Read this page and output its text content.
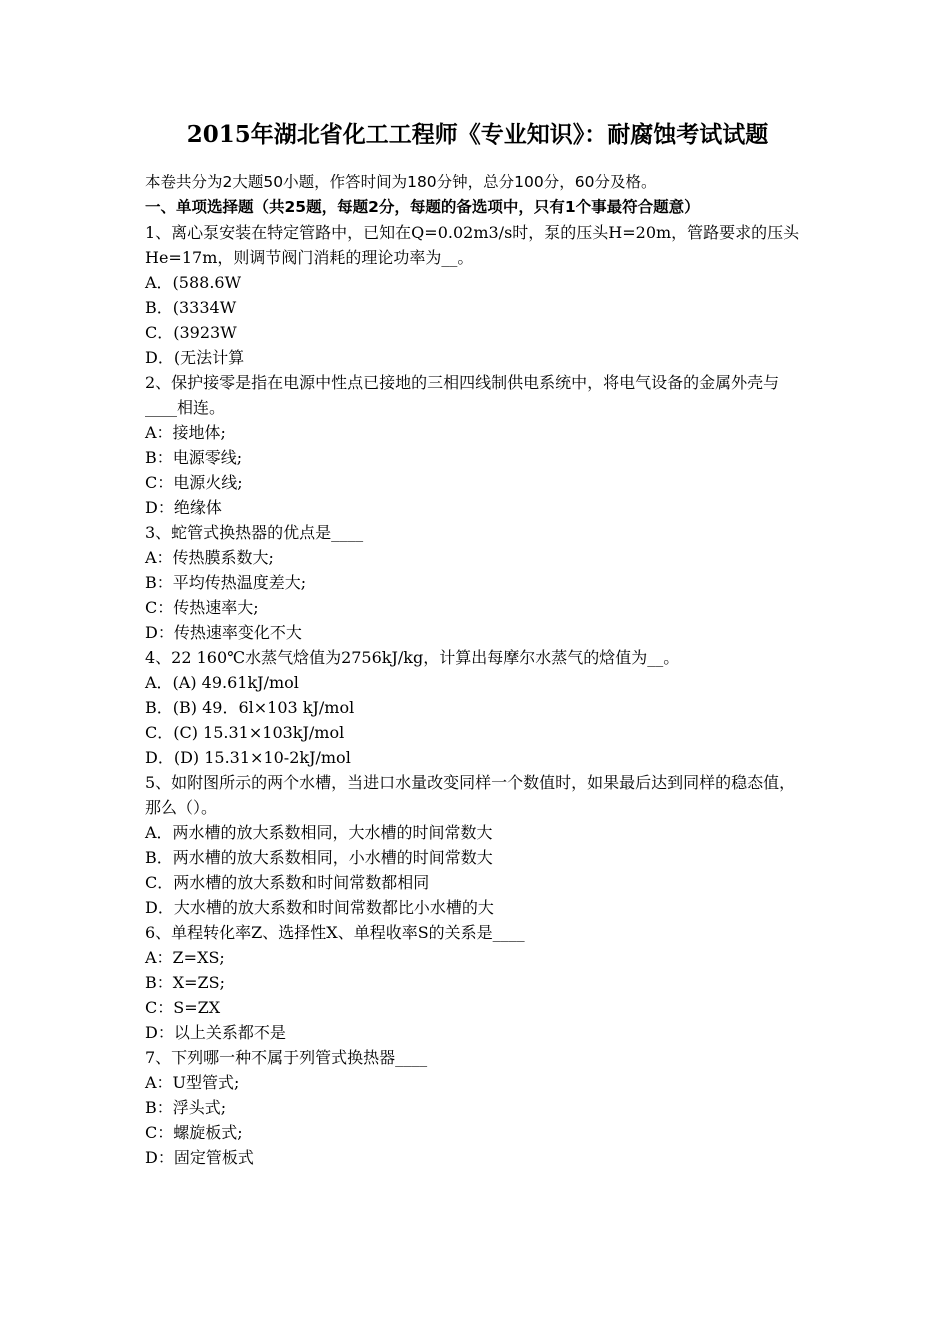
2015年湖北省化工工程师《专业知识》：耐腐蚀考试试题
本卷共分为2大题50小题，作答时间为180分钟，总分100分，60分及格。
一、单项选择题（共25题，每题2分，每题的备选项中，只有1个事最符合题意）
1、离心泵安装在特定管路中，已知在Q=0.02m3/s时，泵的压头H=20m，管路要求的压头He=17m，则调节阀门消耗的理论功率为__。
A．(588.6W
B．(3334W
C．(3923W
D．(无法计算
2、保护接零是指在电源中性点已接地的三相四线制供电系统中，将电气设备的金属外壳与____相连。
A：接地体;
B：电源零线;
C：电源火线;
D：绝缘体
3、蛇管式换热器的优点是____
A：传热膜系数大;
B：平均传热温度差大;
C：传热速率大;
D：传热速率变化不大
4、22 160℃水蒸气焓值为2756kJ/kg，计算出每摩尔水蒸气的焓值为__。
A．(A) 49.61kJ/mol
B．(B) 49．6l×103 kJ/mol
C．(C) 15.31×103kJ/mol
D．(D) 15.31×10-2kJ/mol
5、如附图所示的两个水槽，当进口水量改变同样一个数值时，如果最后达到同样的稳态值，那么（）。
A．两水槽的放大系数相同，大水槽的时间常数大
B．两水槽的放大系数相同，小水槽的时间常数大
C．两水槽的放大系数和时间常数都相同
D．大水槽的放大系数和时间常数都比小水槽的大
6、单程转化率Z、选择性X、单程收率S的关系是____
A：Z=XS;
B：X=ZS;
C：S=ZX
D：以上关系都不是
7、下列哪一种不属于列管式换热器____
A：U型管式;
B：浮头式;
C：螺旋板式;
D：固定管板式
